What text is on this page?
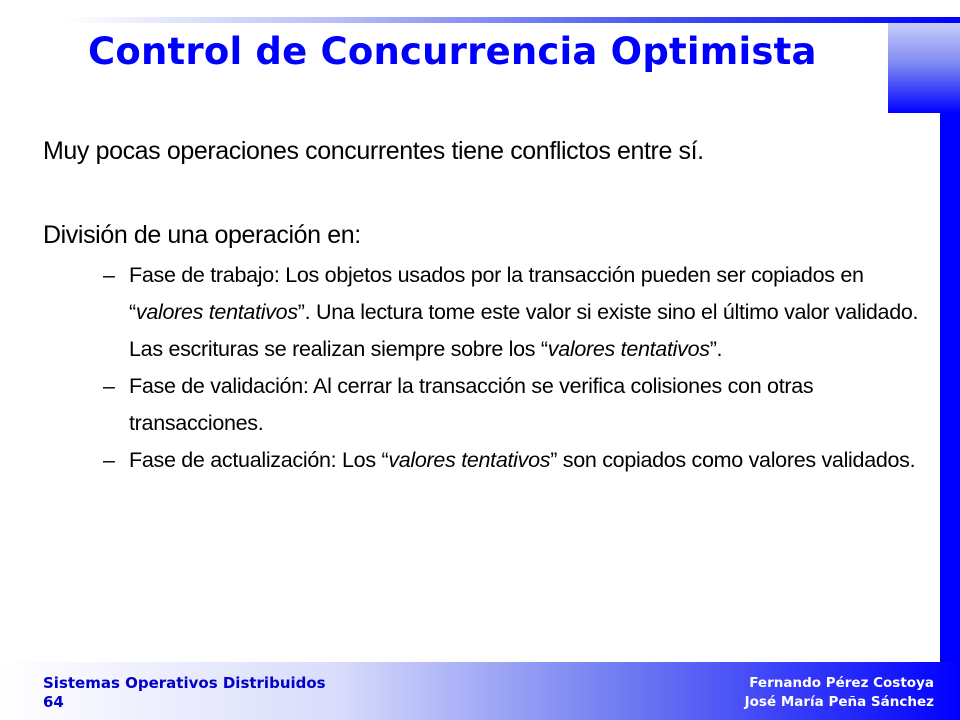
Control de Concurrencia Optimista

Muy pocas operaciones concurrentes tiene conflictos entre sí.

División de una operación en:

– Fase de trabajo: Los objetos usados por la transacción pueden ser copiados en “valores tentativos”. Una lectura tome este valor si existe sino el último valor validado. Las escrituras se realizan siempre sobre los “valores tentativos”.
– Fase de validación: Al cerrar la transacción se verifica colisiones con otras transacciones.
– Fase de actualización: Los “valores tentativos” son copiados como valores validados.
Sistemas Operativos Distribuidos
64
Fernando Pérez Costoya
José María Peña Sánchez
